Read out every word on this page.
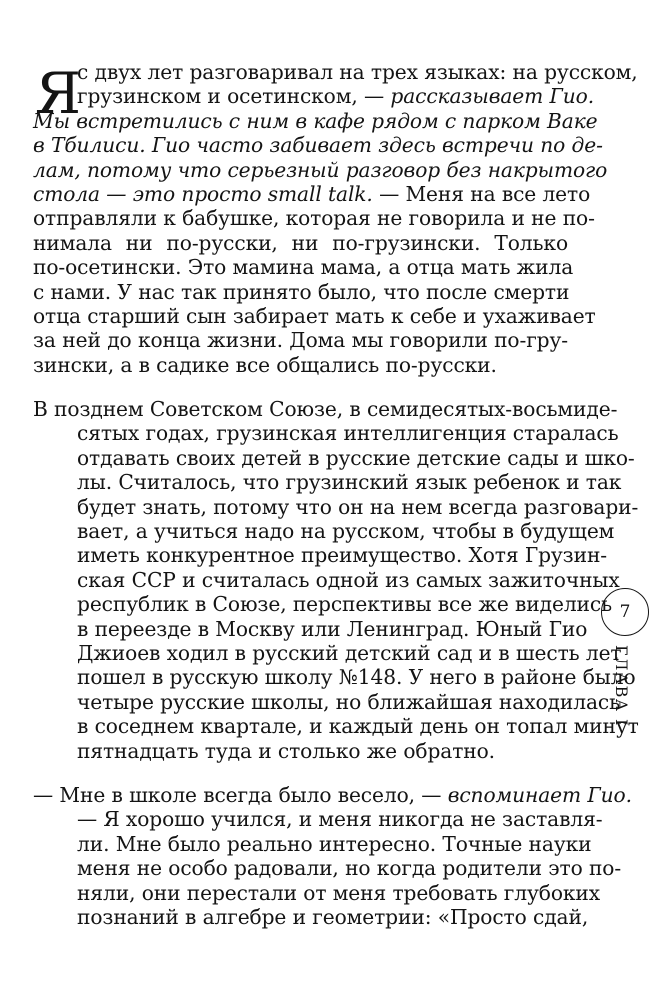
Я
с двух лет разговаривал на трех языках: на русском,
грузинском и осетинском, — рассказывает Гио.
Мы встретились с ним в кафе рядом с парком Ваке
в Тбилиси. Гио часто забивает здесь встречи по де-
лам, потому что серьезный разговор без накрытого
стола — это просто small talk. — Меня на все лето
отправляли к бабушке, которая не говорила и не по-
нимала ни по-русски, ни по-грузински. Только
по-осетински. Это мамина мама, а отца мать жила
с нами. У нас так принято было, что после смерти
отца старший сын забирает мать к себе и ухаживает
за ней до конца жизни. Дома мы говорили по-гру-
зински, а в садике все общались по-русски.
В позднем Советском Союзе, в семидесятых-восьмиде-
сятых годах, грузинская интеллигенция старалась
отдавать своих детей в русские детские сады и шко-
лы. Считалось, что грузинский язык ребенок и так
будет знать, потому что он на нем всегда разговари-
вает, а учиться надо на русском, чтобы в будущем
иметь конкурентное преимущество. Хотя Грузин-
ская ССР и считалась одной из самых зажиточных
республик в Союзе, перспективы все же виделись
в переезде в Москву или Ленинград. Юный Гио
Джиоев ходил в русский детский сад и в шесть лет
пошел в русскую школу №148. У него в районе было
четыре русские школы, но ближайшая находилась
в соседнем квартале, и каждый день он топал минут
пятнадцать туда и столько же обратно.
— Мне в школе всегда было весело, — вспоминает Гио.
— Я хорошо учился, и меня никогда не заставля-
ли. Мне было реально интересно. Точные науки
меня не особо радовали, но когда родители это по-
няли, они перестали от меня требовать глубоких
познаний в алгебре и геометрии: «Просто сдай,
7
ГЛАВА I
